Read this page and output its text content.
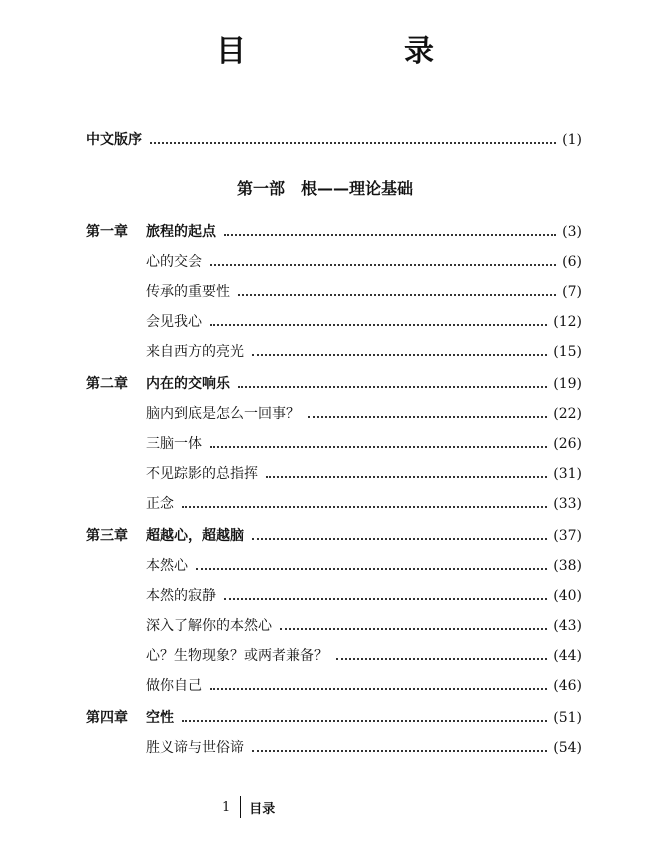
目　录
中文版序	(1)
第一部　根——理论基础
第一章	旅程的起点	(3)
心的交会	(6)
传承的重要性	(7)
会见我心	(12)
来自西方的亮光	(15)
第二章	内在的交响乐	(19)
脑内到底是怎么一回事？	(22)
三脑一体	(26)
不见踪影的总指挥	(31)
正念	(33)
第三章	超越心，超越脑	(37)
本然心	(38)
本然的寂静	(40)
深入了解你的本然心	(43)
心？生物现象？或两者兼备？	(44)
做你自己	(46)
第四章	空性	(51)
胜义谛与世俗谛	(54)
1 目录
